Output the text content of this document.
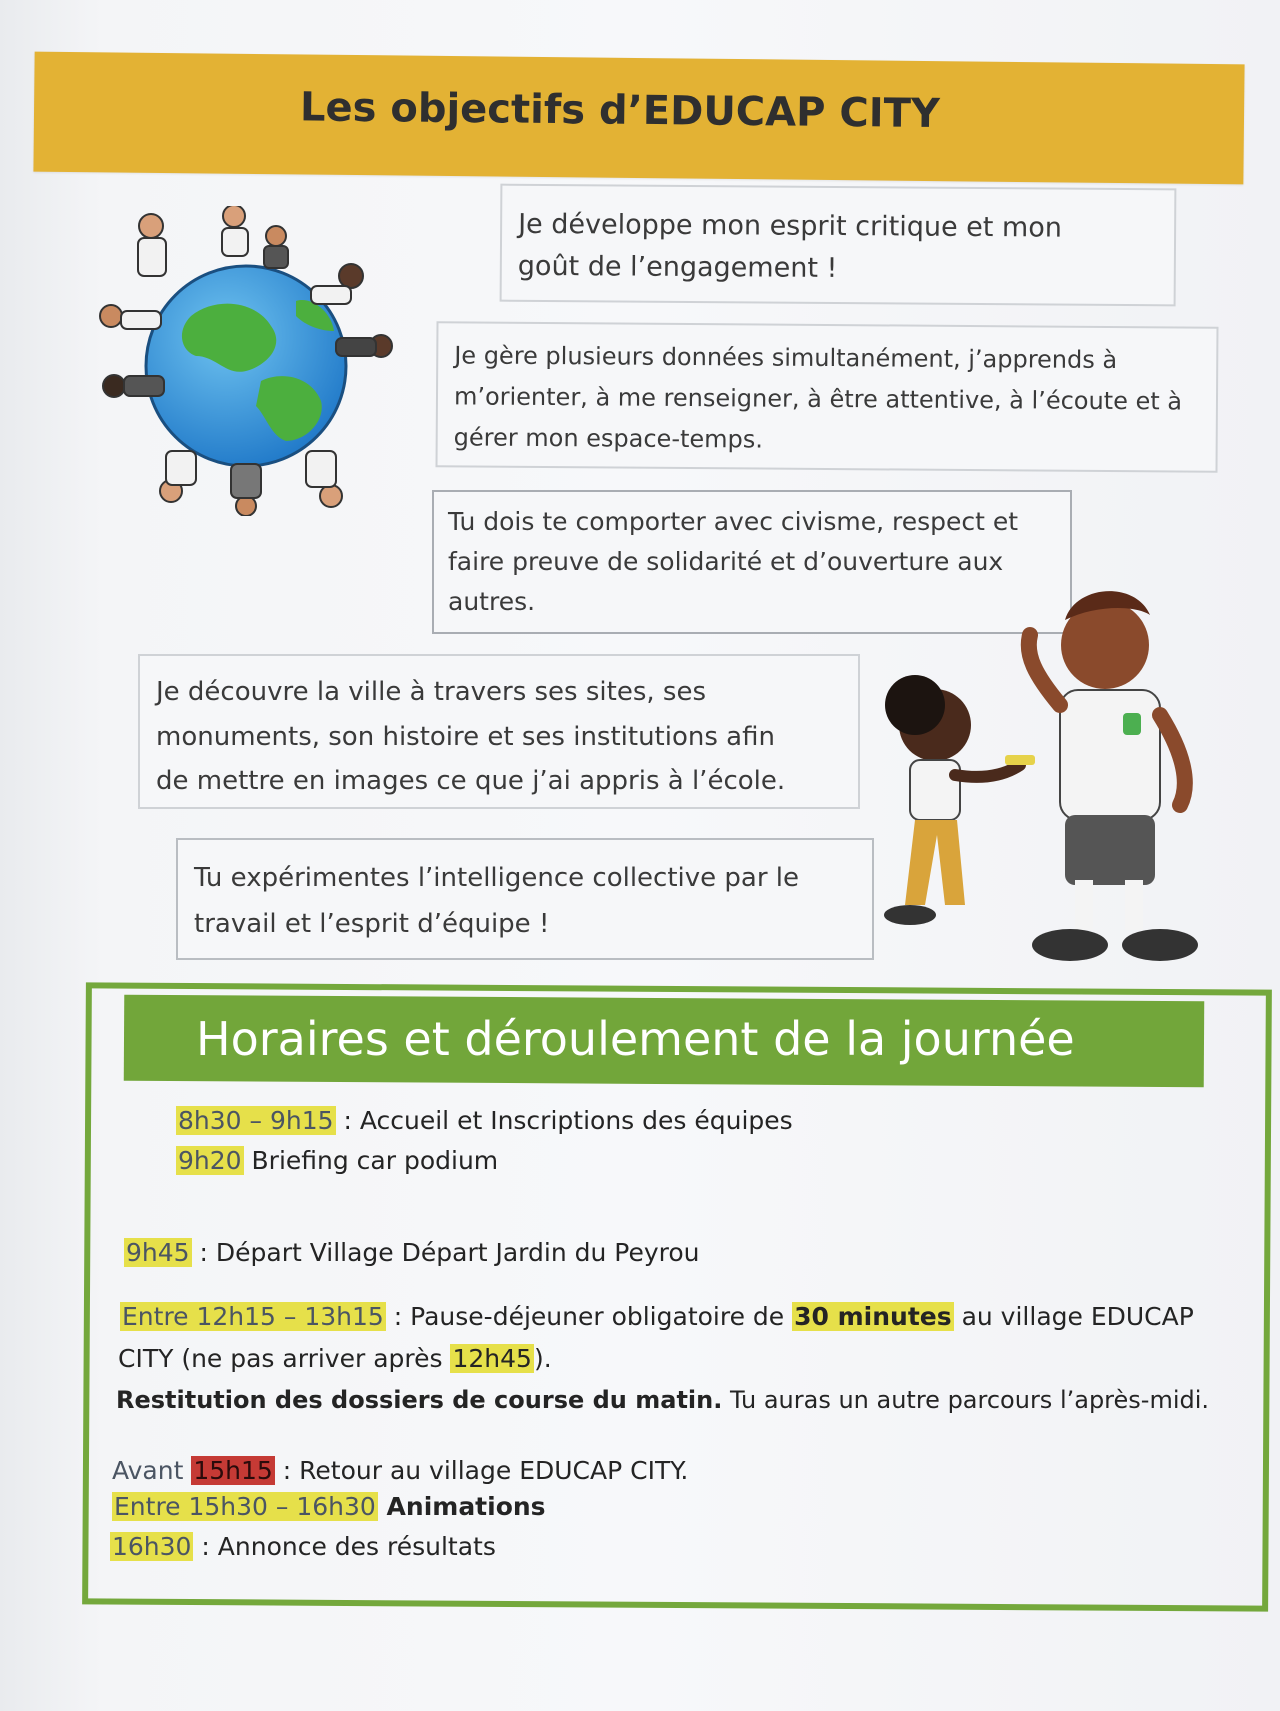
Les objectifs d’EDUCAP CITY
Je développe mon esprit critique et mon
goût de l’engagement !
Je gère plusieurs données simultanément, j’apprends à
m’orienter, à me renseigner, à être attentive, à l’écoute et à
gérer mon espace-temps.
Tu dois te comporter avec civisme, respect et
faire preuve de solidarité et d’ouverture aux
autres.
Je découvre la ville à travers ses sites, ses
monuments, son histoire et ses institutions afin
de mettre en images ce que j’ai appris à l’école.
Tu expérimentes l’intelligence collective par le
travail et l’esprit d’équipe !
Horaires et déroulement de la journée
8h30 – 9h15 : Accueil et Inscriptions des équipes
9h20 Briefing car podium
9h45 : Départ Village Départ Jardin du Peyrou
Entre 12h15 – 13h15 : Pause-déjeuner obligatoire de 30 minutes au village EDUCAP
CITY (ne pas arriver après 12h45).
Restitution des dossiers de course du matin. Tu auras un autre parcours l’après-midi.
Avant 15h15 : Retour au village EDUCAP CITY.
Entre 15h30 – 16h30 Animations
16h30 : Annonce des résultats
